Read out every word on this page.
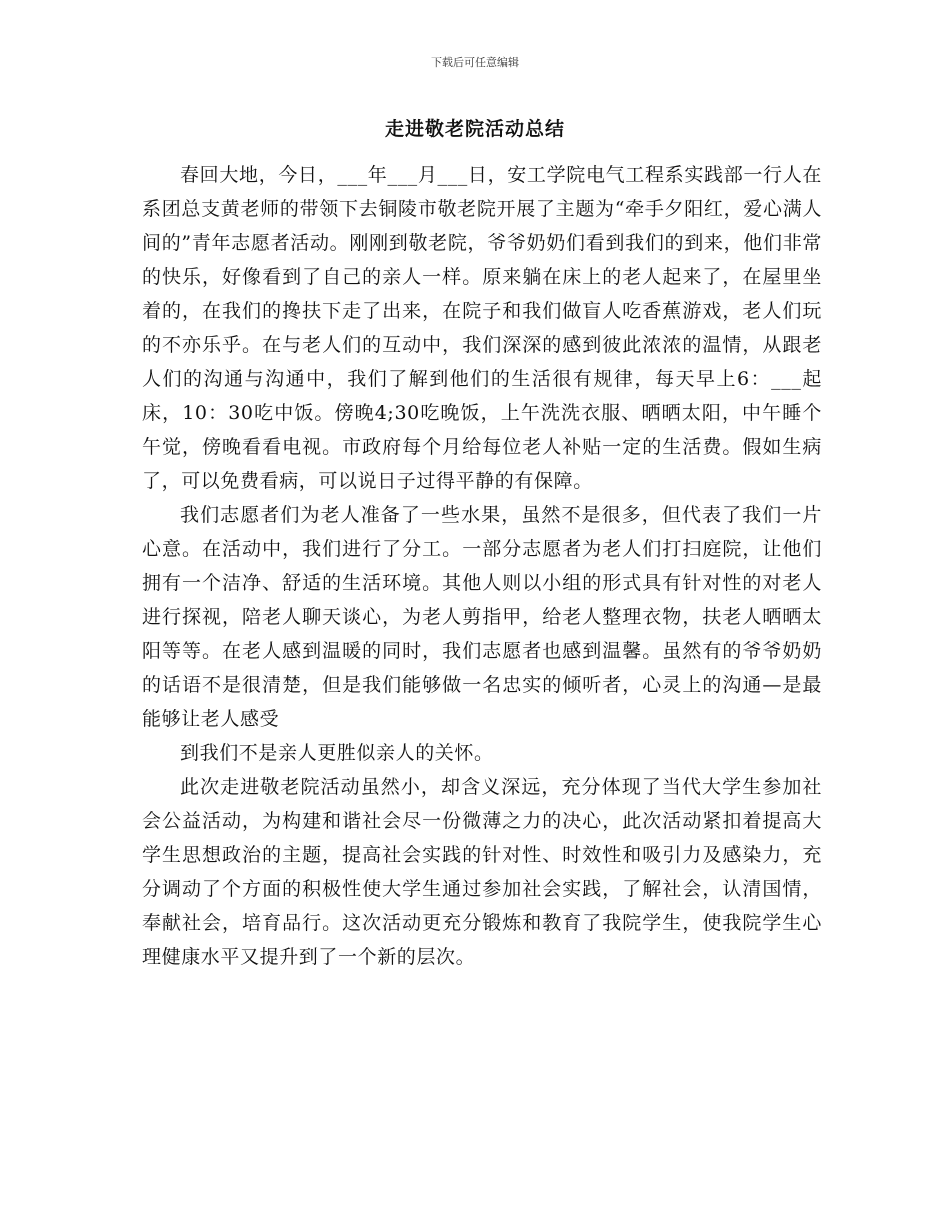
下载后可任意编辑
走进敬老院活动总结

春回大地，今日，___年___月___日，安工学院电气工程系实践部一行人在系团总支黄老师的带领下去铜陵市敬老院开展了主题为“牵手夕阳红，爱心满人间的”青年志愿者活动。刚刚到敬老院，爷爷奶奶们看到我们的到来，他们非常的快乐，好像看到了自己的亲人一样。原来躺在床上的老人起来了，在屋里坐着的，在我们的搀扶下走了出来，在院子和我们做盲人吃香蕉游戏，老人们玩的不亦乐乎。在与老人们的互动中，我们深深的感到彼此浓浓的温情，从跟老人们的沟通与沟通中，我们了解到他们的生活很有规律，每天早上6：___起床，10：30吃中饭。傍晚4;30吃晚饭，上午洗洗衣服、晒晒太阳，中午睡个午觉，傍晚看看电视。市政府每个月给每位老人补贴一定的生活费。假如生病了，可以免费看病，可以说日子过得平静的有保障。

我们志愿者们为老人准备了一些水果，虽然不是很多，但代表了我们一片心意。在活动中，我们进行了分工。一部分志愿者为老人们打扫庭院，让他们拥有一个洁净、舒适的生活环境。其他人则以小组的形式具有针对性的对老人进行探视，陪老人聊天谈心，为老人剪指甲，给老人整理衣物，扶老人晒晒太阳等等。在老人感到温暖的同时，我们志愿者也感到温馨。虽然有的爷爷奶奶的话语不是很清楚，但是我们能够做一名忠实的倾听者，心灵上的沟通—是最能够让老人感受

到我们不是亲人更胜似亲人的关怀。

此次走进敬老院活动虽然小，却含义深远，充分体现了当代大学生参加社会公益活动，为构建和谐社会尽一份微薄之力的决心，此次活动紧扣着提高大学生思想政治的主题，提高社会实践的针对性、时效性和吸引力及感染力，充分调动了个方面的积极性使大学生通过参加社会实践，了解社会，认清国情，奉献社会，培育品行。这次活动更充分锻炼和教育了我院学生，使我院学生心理健康水平又提升到了一个新的层次。
